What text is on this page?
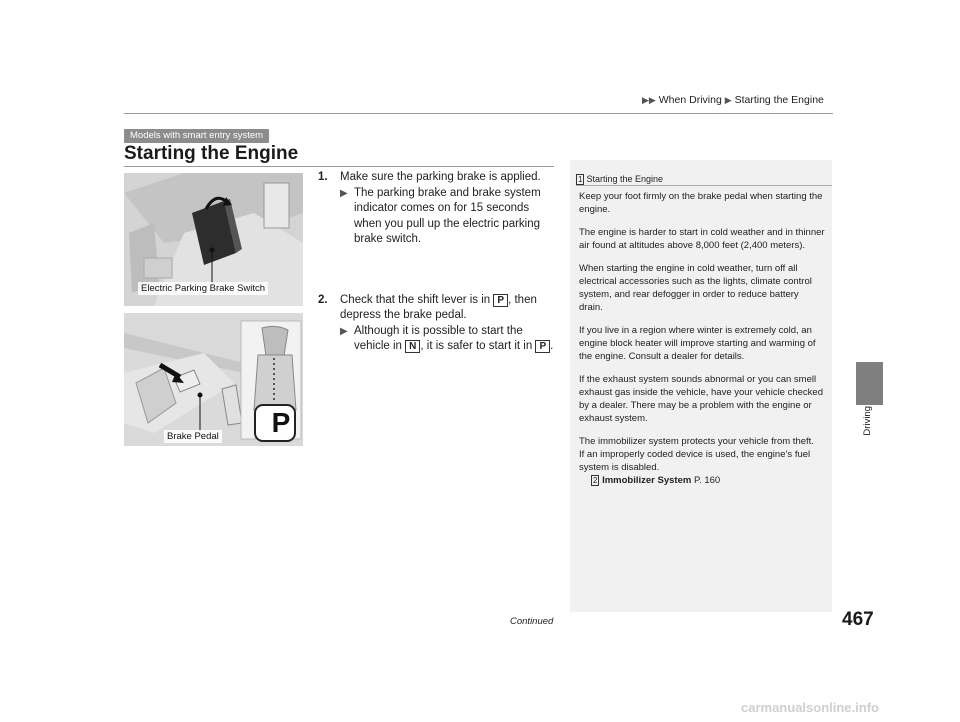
▶▶ When Driving ▶ Starting the Engine
Models with smart entry system
Starting the Engine
Electric Parking Brake Switch
P
Brake Pedal
1. Make sure the parking brake is applied.
▶ The parking brake and brake system indicator comes on for 15 seconds when you pull up the electric parking brake switch.
2. Check that the shift lever is in P , then depress the brake pedal.
▶ Although it is possible to start the vehicle in N , it is safer to start it in P .
1 Starting the Engine

Keep your foot firmly on the brake pedal when starting the engine.

The engine is harder to start in cold weather and in thinner air found at altitudes above 8,000 feet (2,400 meters).

When starting the engine in cold weather, turn off all electrical accessories such as the lights, climate control system, and rear defogger in order to reduce battery drain.

If you live in a region where winter is extremely cold, an engine block heater will improve starting and warming of the engine. Consult a dealer for details.

If the exhaust system sounds abnormal or you can smell exhaust gas inside the vehicle, have your vehicle checked by a dealer. There may be a problem with the engine or exhaust system.

The immobilizer system protects your vehicle from theft.
If an improperly coded device is used, the engine’s fuel system is disabled.
2 Immobilizer System P. 160
Continued	467
Driving
carmanualsonline.info
